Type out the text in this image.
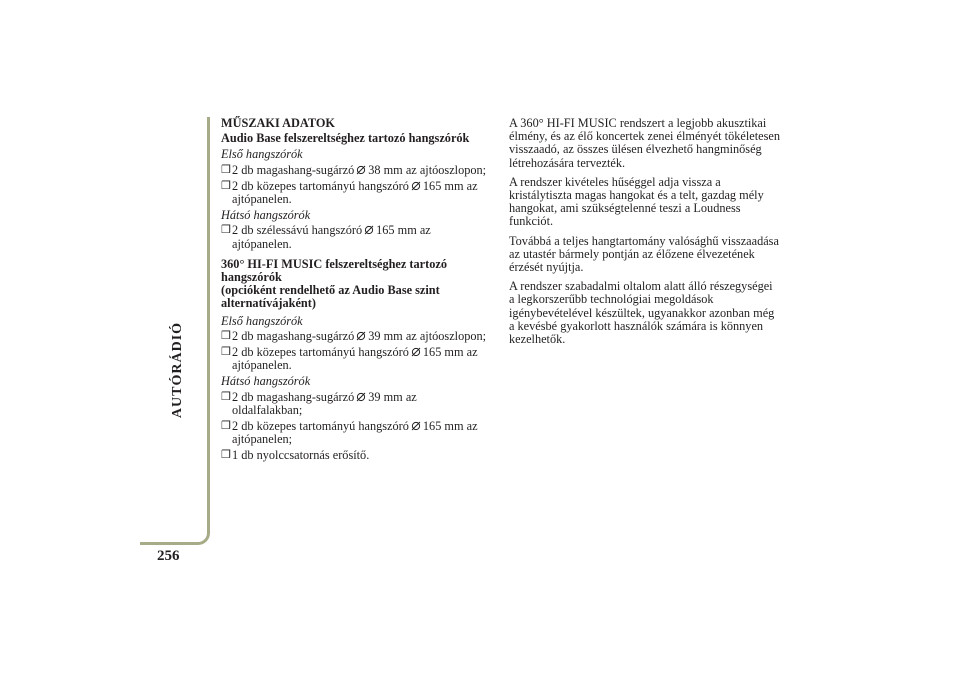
AUTÓRÁDIÓ
256
MŰSZAKI ADATOK
Audio Base felszereltséghez tartozó hangszórók
Első hangszórók
❒ 2 db magashang-sugárzó 38 mm az ajtóoszlopon;
❒ 2 db közepes tartományú hangszóró 165 mm az
ajtópanelen.
Hátsó hangszórók
❒ 2 db szélessávú hangszóró 165 mm az
ajtópanelen.
360° HI-FI MUSIC felszereltséghez tartozó
hangszórók
(opcióként rendelhető az Audio Base szint
alternatívájaként)
Első hangszórók
❒ 2 db magashang-sugárzó 39 mm az ajtóoszlopon;
❒ 2 db közepes tartományú hangszóró 165 mm az
ajtópanelen.
Hátsó hangszórók
❒ 2 db magashang-sugárzó 39 mm az
oldalfalakban;
❒ 2 db közepes tartományú hangszóró 165 mm az
ajtópanelen;
❒ 1 db nyolccsatornás erősítő.
A 360° HI-FI MUSIC rendszert a legjobb akusztikai
élmény, és az élő koncertek zenei élményét tökéletesen
visszaadó, az összes ülésen élvezhető hangminőség
létrehozására tervezték.
A rendszer kivételes hűséggel adja vissza a
kristálytiszta magas hangokat és a telt, gazdag mély
hangokat, ami szükségtelenné teszi a Loudness
funkciót.
Továbbá a teljes hangtartomány valósághű visszaadása
az utastér bármely pontján az élőzene élvezetének
érzését nyújtja.
A rendszer szabadalmi oltalom alatt álló részegységei
a legkorszerűbb technológiai megoldások
igénybevételével készültek, ugyanakkor azonban még
a kevésbé gyakorlott használók számára is könnyen
kezelhetők.
